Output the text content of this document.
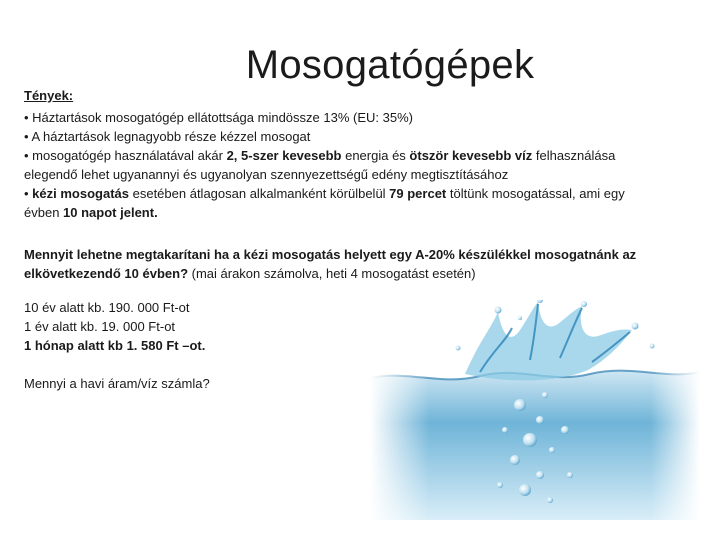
Mosogatógépek
Tények:
• Háztartások mosogatógép ellátottsága mindössze 13% (EU: 35%)
• A háztartások legnagyobb része kézzel mosogat
• mosogatógép használatával akár 2, 5-szer kevesebb energia és ötször kevesebb víz felhasználása
elegendő lehet ugyanannyi és ugyanolyan szennyezettségű edény megtisztításához
• kézi mosogatás esetében átlagosan alkalmanként körülbelül 79 percet töltünk mosogatással, ami egy
évben 10 napot jelent.
Mennyit lehetne megtakarítani ha a kézi mosogatás helyett egy A-20% készülékkel mosogatnánk az elkövetkezendő 10 évben? (mai árakon számolva, heti 4 mosogatást esetén)
10 év alatt kb. 190. 000 Ft-ot
1 év alatt kb. 19. 000 Ft-ot
1 hónap alatt kb 1. 580 Ft –ot.
Mennyi a havi áram/víz számla?
